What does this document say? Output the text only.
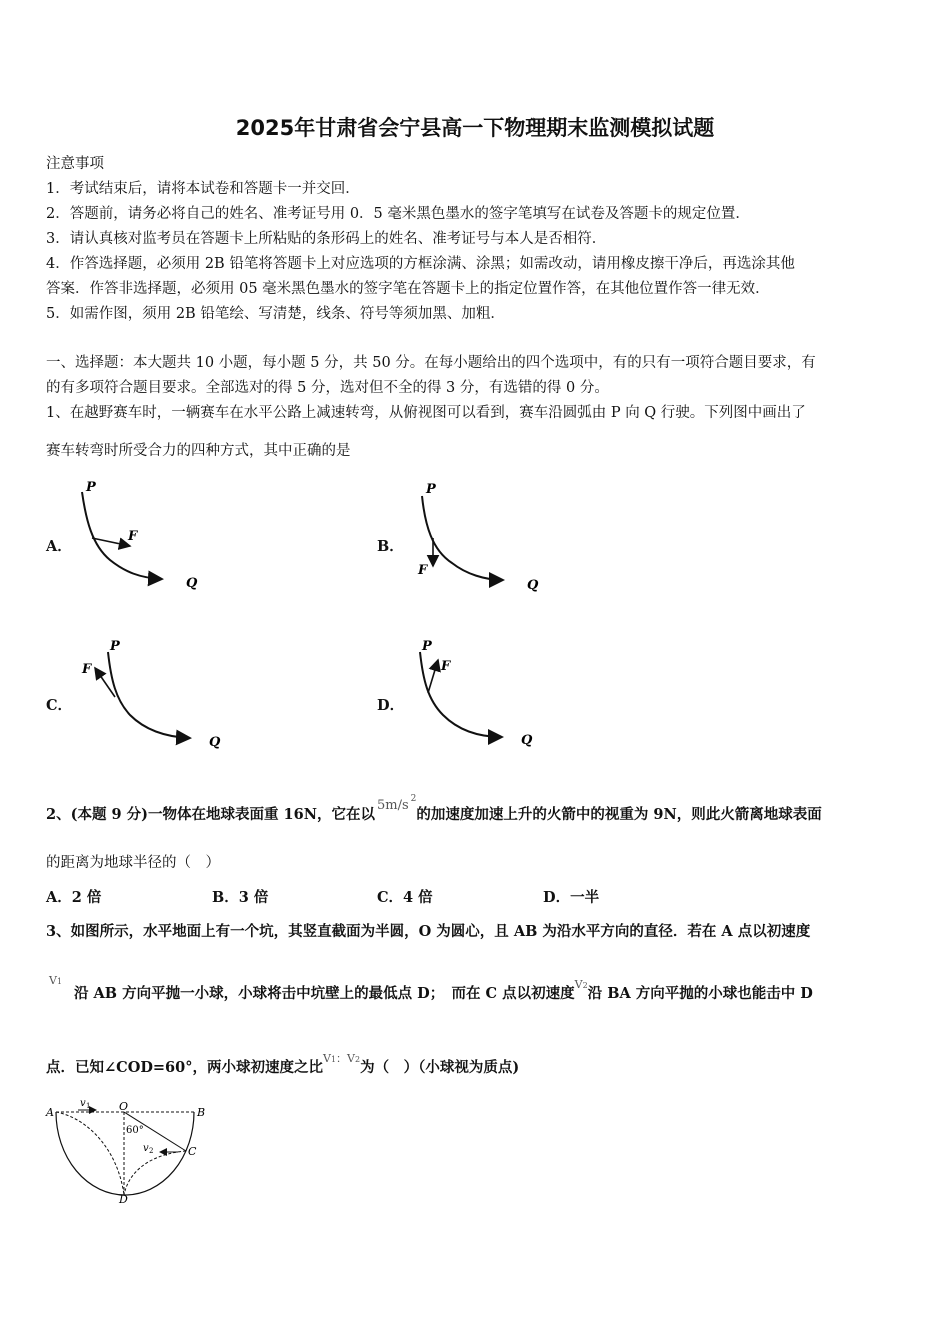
2025年甘肃省会宁县高一下物理期末监测模拟试题
注意事项
1．考试结束后，请将本试卷和答题卡一并交回．
2．答题前，请务必将自己的姓名、准考证号用 0．5 毫米黑色墨水的签字笔填写在试卷及答题卡的规定位置．
3．请认真核对监考员在答题卡上所粘贴的条形码上的姓名、准考证号与本人是否相符．
4．作答选择题，必须用 2B 铅笔将答题卡上对应选项的方框涂满、涂黑；如需改动，请用橡皮擦干净后，再选涂其他
答案．作答非选择题，必须用 05 毫米黑色墨水的签字笔在答题卡上的指定位置作答，在其他位置作答一律无效．
5．如需作图，须用 2B 铅笔绘、写清楚，线条、符号等须加黑、加粗．
一、选择题：本大题共 10 小题，每小题 5 分，共 50 分。在每小题给出的四个选项中，有的只有一项符合题目要求，有
的有多项符合题目要求。全部选对的得 5 分，选对但不全的得 3 分，有选错的得 0 分。
1、在越野赛车时，一辆赛车在水平公路上减速转弯，从俯视图可以看到，赛车沿圆弧由 P 向 Q 行驶。下列图中画出了
赛车转弯时所受合力的四种方式，其中正确的是
A．	B．
C．	D．
P
F
Q
P
F
Q
P
F
Q
P
F
Q
A	B
O
C
D
60°
v 1
v 2
2、(本题 9 分)一物体在地球表面重 16N，它在以5m/s $^2$的加速度加速上升的火箭中的视重为 9N，则此火箭离地球表面
的距离为地球半径的（　）
A．2 倍	B．3 倍	C．4 倍	D．一半
3、如图所示，水平地面上有一个坑，其竖直截面为半圆，O 为圆心，且 AB 为沿水平方向的直径．若在 A 点以初速度
V1
沿 AB 方向平抛一小球，小球将击中坑壁上的最低点 D；　而在 C 点以初速度$^{V2}$沿 BA 方向平抛的小球也能击中 D
点．已知∠COD=60°，两小球初速度之比$^{V1:V2}$为（　）（小球视为质点)
